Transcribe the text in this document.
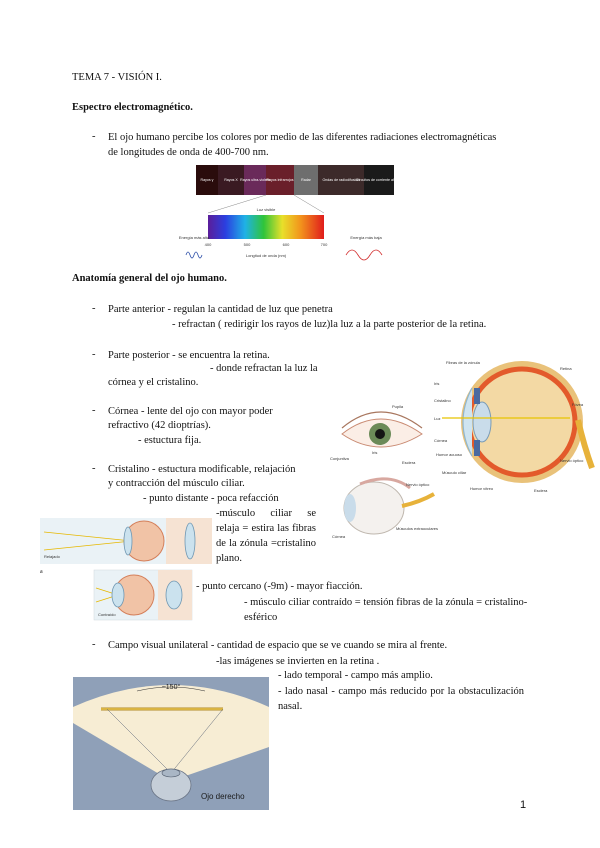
TEMA 7 - VISIÓN I.
Espectro electromagnético.
- El ojo humano percibe los colores por medio de las diferentes radiaciones electromagnéticas
de longitudes de onda de 400-700 nm.
Rayos γ	Rayos X Rayos ultra-violeta
Rayos infrarrojos Radar	Ondas de radiodifusión
Circuitos de corriente alterna
Luz visible
400	500	600	700
Longitud de onda (nm)
Energía más alta	Energía más baja
Anatomía general del ojo humano.
- Parte anterior - regulan la cantidad de luz que penetra
- refractan ( redirigir los rayos de luz)la luz a la parte posterior de la retina.
- Parte posterior - se encuentra la retina.
- donde refractan la luz la
córnea y el cristalino.
- Córnea - lente del ojo con mayor poder
refractivo (42 dioptrías).
- estuctura fija.
- Cristalino - estuctura modificable, relajación
y contracción del músculo ciliar.
- punto distante - poca refacción
-músculo ciliar se relaja = estira las fibras de la zónula =cristalino plano.
Fibras de la zónula
Iris
Cristalino
Luz
Córnea
Humor acuoso
Músculo ciliar
Humor vítreo
Retina
Fóvea
Nervio óptico
Esclera
Pupila
Conjuntiva
Iris
Esclera
Nervio óptico
Córnea
Músculos extraoculares
Relajado
a
Contraído
- punto cercano (-9m) - mayor fiacción.
- músculo ciliar contraído = tensión fibras de la zónula = cristalino-
esférico
- Campo visual unilateral - cantidad de espacio que se ve cuando se mira al frente.
-las imágenes se invierten en la retina .
- lado temporal - campo más amplio.
- lado nasal - campo más reducido por la obstaculización nasal.
~150°
Ojo derecho
1
